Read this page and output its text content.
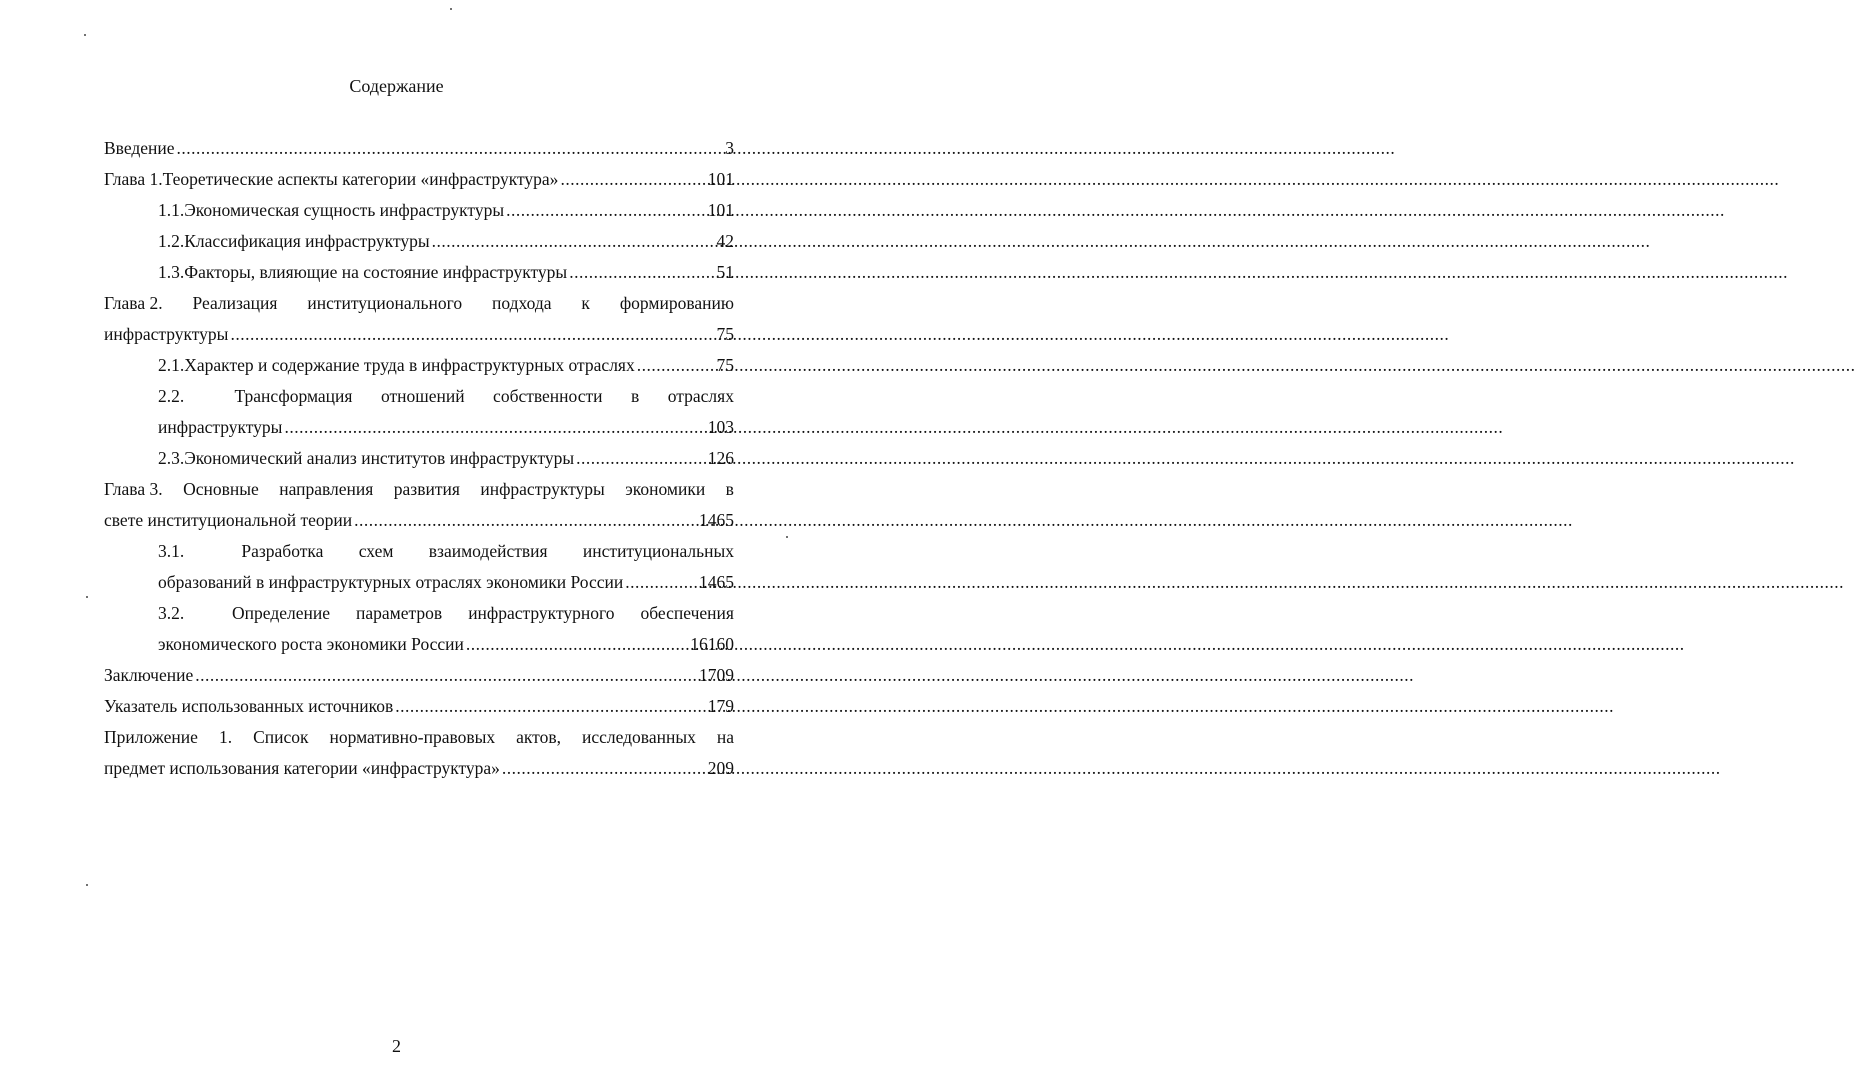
Содержание
Введение .....	3
Глава 1. Теоретические аспекты категории «инфраструктура» .....	101
1.1. Экономическая сущность инфраструктуры .....	101
1.2. Классификация инфраструктуры .....	42
1.3. Факторы, влияющие на состояние инфраструктуры .....	51
Глава 2. Реализация институционального подхода к формированию
инфраструктуры .....	75
2.1. Характер и содержание труда в инфраструктурных отраслях .....	75
2.2.	Трансформация отношений собственности в отраслях
инфраструктуры .....	103
2.3. Экономический анализ институтов инфраструктуры .....	126
Глава 3. Основные направления развития инфраструктуры экономики в
свете институциональной теории .....	1465
3.1.	Разработка схем взаимодействия институциональных
образований в инфраструктурных отраслях экономики России .....	1465
3.2.	Определение параметров инфраструктурного обеспечения
экономического роста экономики России .....	16160
Заключение .....	1709
Указатель использованных источников .....	179
Приложение 1. Список нормативно-правовых актов, исследованных на
предмет использования категории «инфраструктура» .....	209
2
